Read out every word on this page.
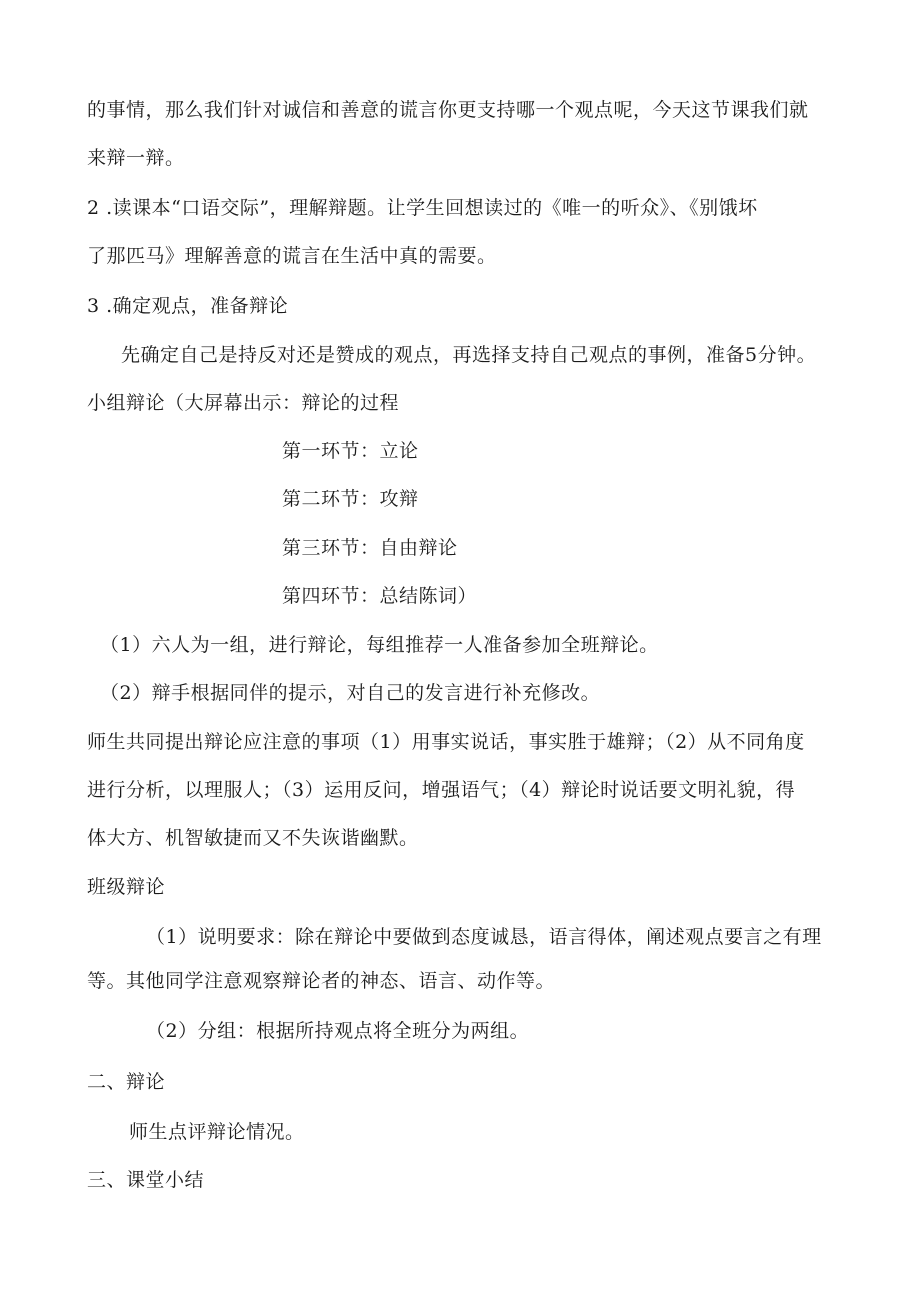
的事情，那么我们针对诚信和善意的谎言你更支持哪一个观点呢，今天这节课我们就
来辩一辩。
2 .读课本“口语交际”，理解辩题。让学生回想读过的《唯一的听众》、《别饿坏
了那匹马》理解善意的谎言在生活中真的需要。
3 .确定观点，准备辩论
先确定自己是持反对还是赞成的观点，再选择支持自己观点的事例，准备5分钟。
小组辩论（大屏幕出示：辩论的过程
第一环节：立论
第二环节：攻辩
第三环节：自由辩论
第四环节：总结陈词）
（1）六人为一组，进行辩论，每组推荐一人准备参加全班辩论。
（2）辩手根据同伴的提示，对自己的发言进行补充修改。
师生共同提出辩论应注意的事项（1）用事实说话，事实胜于雄辩；（2）从不同角度
进行分析，以理服人；（3）运用反问，增强语气；（4）辩论时说话要文明礼貌，得
体大方、机智敏捷而又不失诙谐幽默。
班级辩论
（1）说明要求：除在辩论中要做到态度诚恳，语言得体，阐述观点要言之有理
等。其他同学注意观察辩论者的神态、语言、动作等。
（2）分组：根据所持观点将全班分为两组。
二、辩论
师生点评辩论情况。
三、课堂小结
